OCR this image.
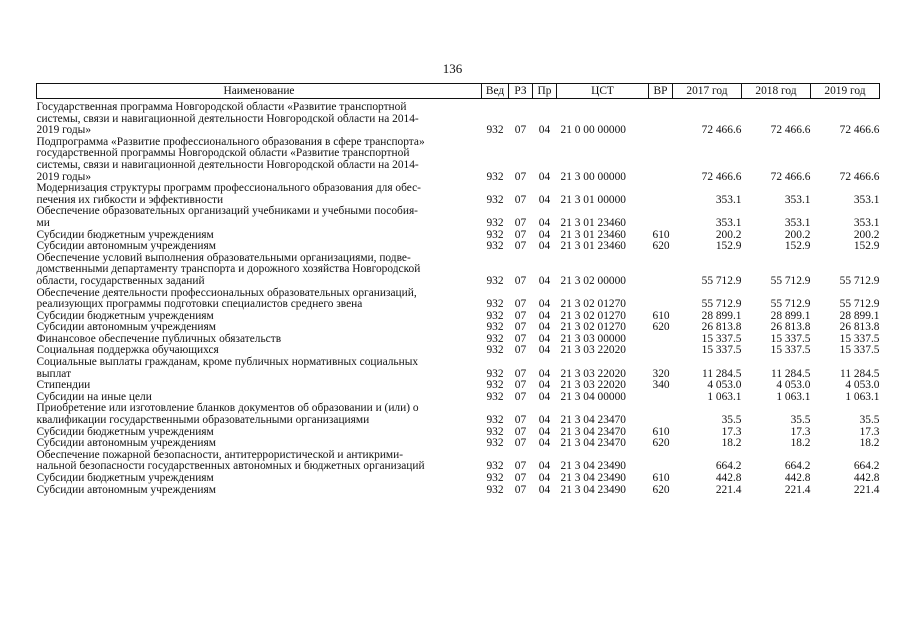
136
Наименование	Вед	РЗ	Пр	ЦСТ	ВР	2017 год	2018 год	2019 год

Государственная программа Новгородской области «Развитие транспортной
системы, связи и навигационной деятельности Новгородской области на 2014-
2019 годы»	932	07	04	21 0 00 00000		72 466.6	72 466.6	72 466.6

Подпрограмма «Развитие профессионального образования в сфере транспорта»
государственной программы Новгородской области «Развитие транспортной
системы, связи и навигационной деятельности Новгородской области на 2014-
2019 годы»	932	07	04	21 3 00 00000		72 466.6	72 466.6	72 466.6

Модернизация структуры программ профессионального образования для обес-
печения их гибкости и эффективности	932	07	04	21 3 01 00000		353.1	353.1	353.1

Обеспечение образовательных организаций учебниками и учебными пособия-
ми	932	07	04	21 3 01 23460		353.1	353.1	353.1

Субсидии бюджетным учреждениям	932	07	04	21 3 01 23460	610	200.2	200.2	200.2

Субсидии автономным учреждениям	932	07	04	21 3 01 23460	620	152.9	152.9	152.9

Обеспечение условий выполнения образовательными организациями, подве-
домственными департаменту транспорта и дорожного хозяйства Новгородской
области, государственных заданий	932	07	04	21 3 02 00000		55 712.9	55 712.9	55 712.9

Обеспечение деятельности профессиональных образовательных организаций,
реализующих программы подготовки специалистов среднего звена	932	07	04	21 3 02 01270		55 712.9	55 712.9	55 712.9

Субсидии бюджетным учреждениям	932	07	04	21 3 02 01270	610	28 899.1	28 899.1	28 899.1

Субсидии автономным учреждениям	932	07	04	21 3 02 01270	620	26 813.8	26 813.8	26 813.8

Финансовое обеспечение публичных обязательств	932	07	04	21 3 03 00000		15 337.5	15 337.5	15 337.5

Социальная поддержка обучающихся	932	07	04	21 3 03 22020		15 337.5	15 337.5	15 337.5

Социальные выплаты гражданам, кроме публичных нормативных социальных
выплат	932	07	04	21 3 03 22020	320	11 284.5	11 284.5	11 284.5

Стипендии	932	07	04	21 3 03 22020	340	4 053.0	4 053.0	4 053.0

Субсидии на иные цели	932	07	04	21 3 04 00000		1 063.1	1 063.1	1 063.1

Приобретение или изготовление бланков документов об образовании и (или) о
квалификации государственными образовательными организациями	932	07	04	21 3 04 23470		35.5	35.5	35.5

Субсидии бюджетным учреждениям	932	07	04	21 3 04 23470	610	17.3	17.3	17.3

Субсидии автономным учреждениям	932	07	04	21 3 04 23470	620	18.2	18.2	18.2

Обеспечение пожарной безопасности, антитеррористической и антикрими-
нальной безопасности государственных автономных и бюджетных организаций	932	07	04	21 3 04 23490		664.2	664.2	664.2

Субсидии бюджетным учреждениям	932	07	04	21 3 04 23490	610	442.8	442.8	442.8

Субсидии автономным учреждениям	932	07	04	21 3 04 23490	620	221.4	221.4	221.4
